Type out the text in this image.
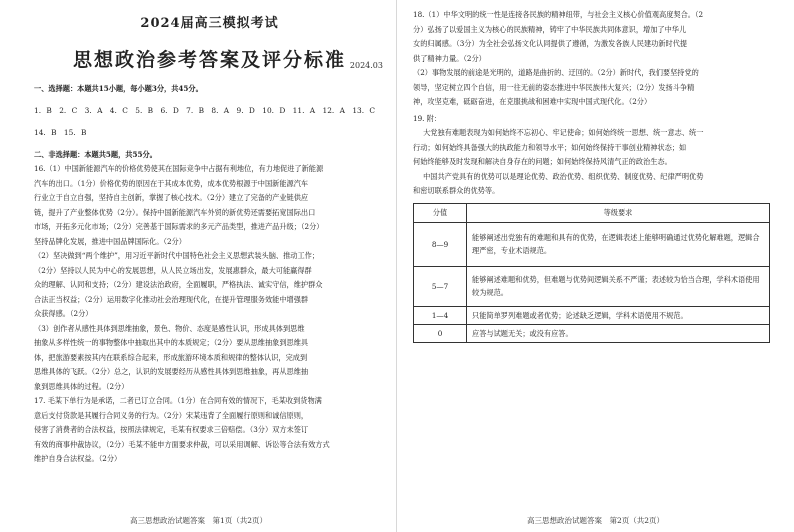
2024届高三模拟考试
思想政治参考答案及评分标准 2024.03

一、选择题：本题共15小题，每小题3分，共45分。

1. B　2. C　3. A　4. C　5. B　6. D　7. B　8. A　9. D　10. D　11. A　12. A　13. C

14. B　15. B

二、非选择题：本题共5题，共55分。

16.（1）中国新能源汽车的价格优势使其在国际竞争中占据有利地位，有力地促进了新能源

汽车的出口。（1分）价格优势的原因在于其成本优势，成本优势根源于中国新能源汽车

行业立于自立自强，坚持自主创新，掌握了核心技术。（2分）建立了完备的产业链供应

链，提升了产业整体优势（2分）。保持中国新能源汽车外贸的新优势还需要拓宽国际出口

市场，开拓多元化市场；（2分）完善基于国际需求的多元产品类型，推进产品升级；（2分）

坚持品牌化发展，推进中国品牌国际化。（2分）

（2）坚决做到“两个维护”，用习近平新时代中国特色社会主义思想武装头脑、推动工作；

（2分）坚持以人民为中心的发展思想，从人民立场出发，发展惠群众，最大可能赢得群

众的理解、认同和支持；（2分）建设法治政府，全面履职，严格执法、诚实守信，维护群众

合法正当权益；（2分）运用数字化推动社会治理现代化，在提升管理服务效能中增强群

众获得感。（2分）

（3）创作者从感性具体到思维抽象，景色、物价、态度是感性认识，形成具体到思维

抽象从多样性统一的事物整体中抽取出其中的本质规定；（2分）要从思维抽象到思维具

体，把旅游要素按其内在联系综合起来，形成旅游环境本质和规律的整体认识，完成到

思维具体的飞跃。（2分）总之，认识的发展要经历从感性具体到思维抽象，再从思维抽

象到思维具体的过程。（2分）

17. 毛某下单行为是承诺，二者已订立合同。（1分）在合同有效的情况下，毛某收到货物满

意后支付货款是其履行合同义务的行为。（2分）宋某违背了全面履行原则和诚信原则，

侵害了消费者的合法权益，按照法律规定，毛某有权要求三倍赔偿。（3分）双方未签订

有效的商事仲裁协议，（2分）毛某不能申方面要求仲裁，可以采用调解、诉讼等合法有效方式

维护自身合法权益。（2分）

高三思想政治试题答案　第1页（共2页）

18.（1）中华文明的统一性是连接各民族的精神纽带，与社会主义核心价值观高度契合。（2

分）弘扬了以爱国主义为核心的民族精神，铸牢了中华民族共同体意识，增加了中华儿

女的归属感。（3分）为全社会弘扬文化认同提供了遵循，为激发各族人民建功新时代提

供了精神力量。（2分）

（2）事物发展的前途是光明的，道路是曲折的、迂回的。（2分）新时代，我们要坚持党的

领导，坚定树立四个自信，用一往无前的姿态推进中华民族伟大复兴；（2分）发扬斗争精

神，攻坚克难，砥砺奋进，在克服挑战和困难中实现中国式现代化。（2分）

19. 附：

大党独有难题表现为如何始终不忘初心、牢记使命；如何始终统一思想、统一意志、统一

行动；如何始终具备强大的执政能力和领导水平；如何始终保持干事创业精神状态；如

何始终能够及时发现和解决自身存在的问题；如何始终保持风清气正的政治生态。

中国共产党具有的优势可以是理论优势、政治优势、组织优势、制度优势、纪律严明优势

和密切联系群众的优势等。

分值	等级要求
8—9	能够阐述出党独有的难题和具有的优势，在逻辑表述上能够明确通过优势化解难题，逻辑合理严密，专业术语规范。
5—7	能够阐述难题和优势，但难题与优势间逻辑关系不严谨；表述较为恰当合理，学科术语使用较为规范。
1—4	只能简单罗列难题或者优势；论述缺乏逻辑，学科术语使用不规范。
0	应答与试题无关；或没有应答。
高三思想政治试题答案　第2页（共2页）
